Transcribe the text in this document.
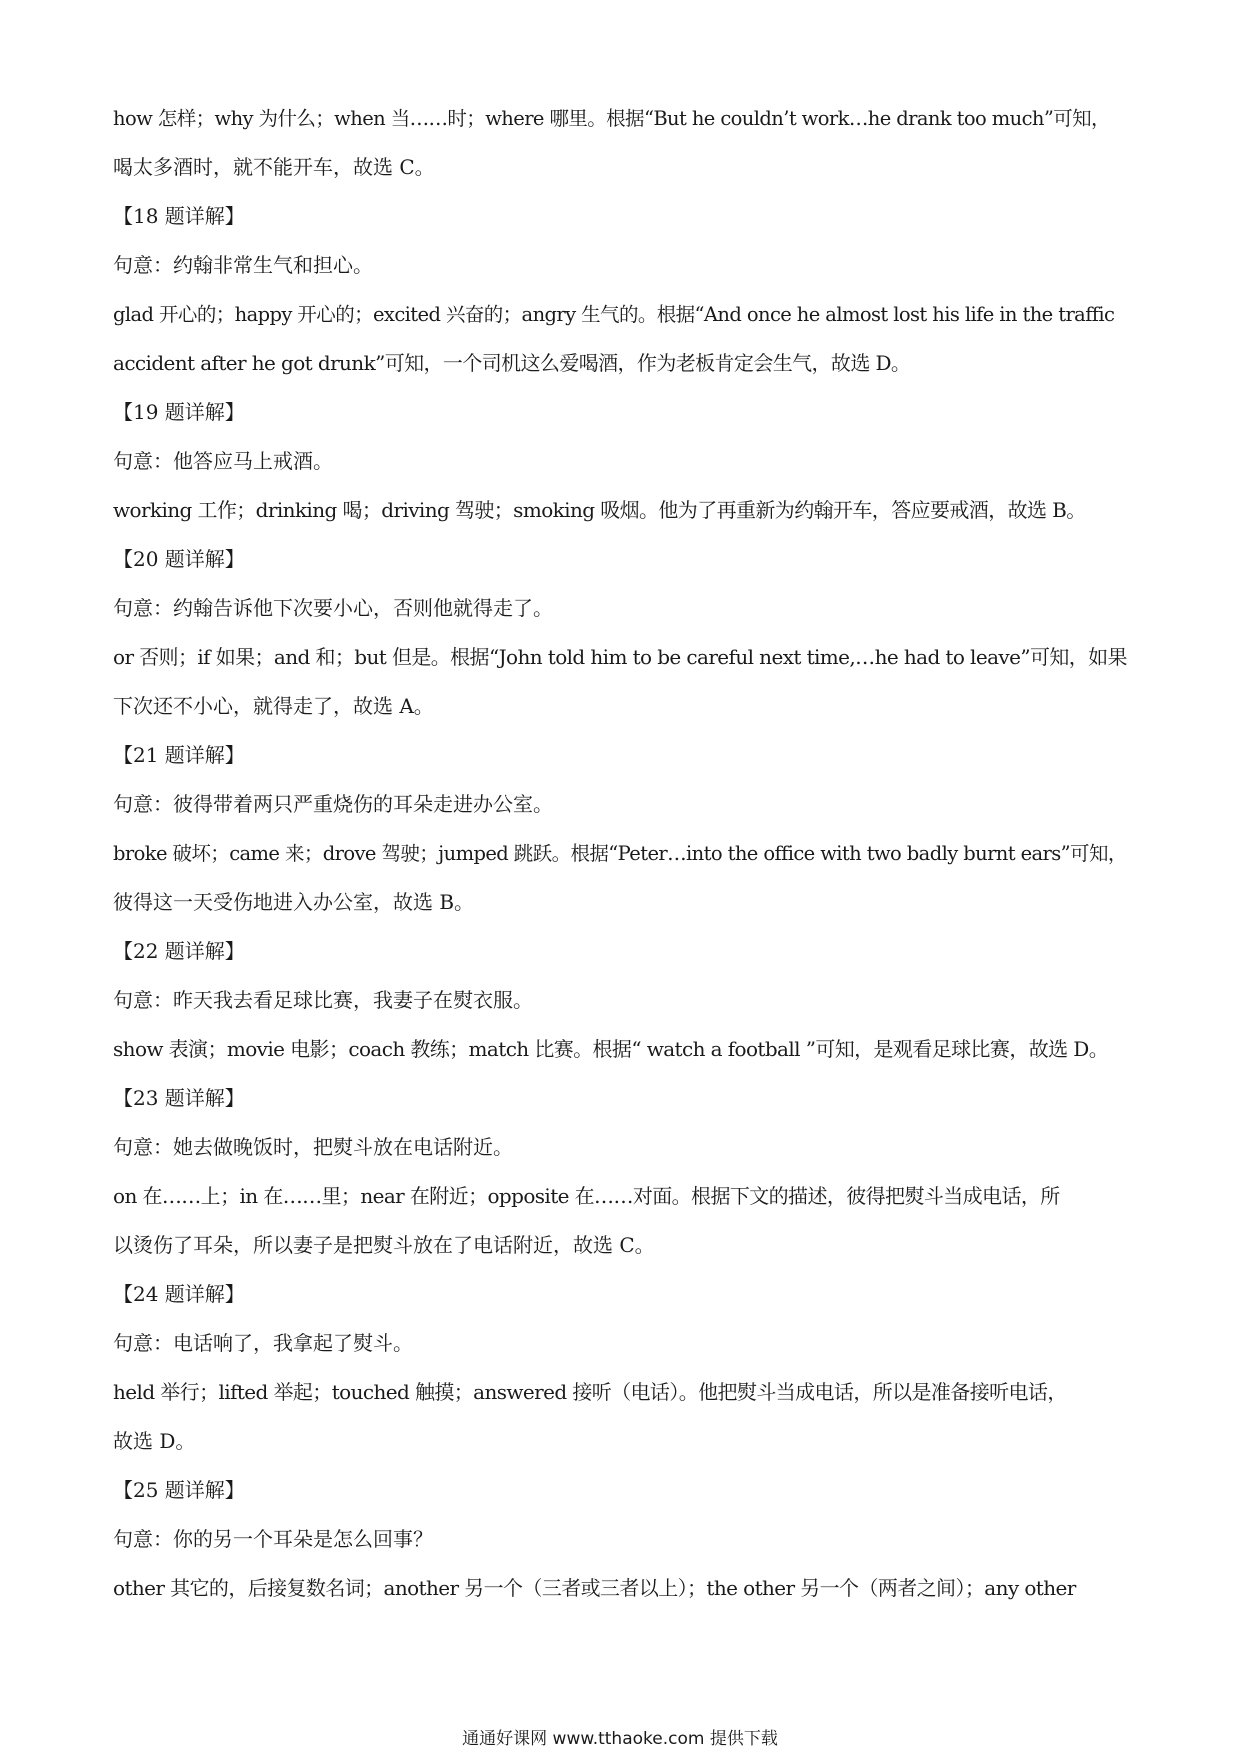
how 怎样；why 为什么；when 当……时；where 哪里。根据“But he couldn’t work…he drank too much”可知，
喝太多酒时，就不能开车，故选 C。
【18 题详解】
句意：约翰非常生气和担心。
glad 开心的；happy 开心的；excited 兴奋的；angry 生气的。根据“And once he almost lost his life in the traffic
accident after he got drunk”可知，一个司机这么爱喝酒，作为老板肯定会生气，故选 D。
【19 题详解】
句意：他答应马上戒酒。
working 工作；drinking 喝；driving 驾驶；smoking 吸烟。他为了再重新为约翰开车，答应要戒酒，故选 B。
【20 题详解】
句意：约翰告诉他下次要小心，否则他就得走了。
or 否则；if 如果；and 和；but 但是。根据“John told him to be careful next time,…he had to leave”可知，如果
下次还不小心，就得走了，故选 A。
【21 题详解】
句意：彼得带着两只严重烧伤的耳朵走进办公室。
broke 破坏；came 来；drove 驾驶；jumped 跳跃。根据“Peter…into the office with two badly burnt ears”可知，
彼得这一天受伤地进入办公室，故选 B。
【22 题详解】
句意：昨天我去看足球比赛，我妻子在熨衣服。
show 表演；movie 电影；coach 教练；match 比赛。根据“ watch a football ”可知，是观看足球比赛，故选 D。
【23 题详解】
句意：她去做晚饭时，把熨斗放在电话附近。
on 在……上；in 在……里；near 在附近；opposite 在……对面。根据下文的描述，彼得把熨斗当成电话，所
以烫伤了耳朵，所以妻子是把熨斗放在了电话附近，故选 C。
【24 题详解】
句意：电话响了，我拿起了熨斗。
held 举行；lifted 举起；touched 触摸；answered 接听（电话）。他把熨斗当成电话，所以是准备接听电话，
故选 D。
【25 题详解】
句意：你的另一个耳朵是怎么回事？
other 其它的，后接复数名词；another 另一个（三者或三者以上）；the other 另一个（两者之间）；any other
通通好课网 www.tthaoke.com 提供下载
